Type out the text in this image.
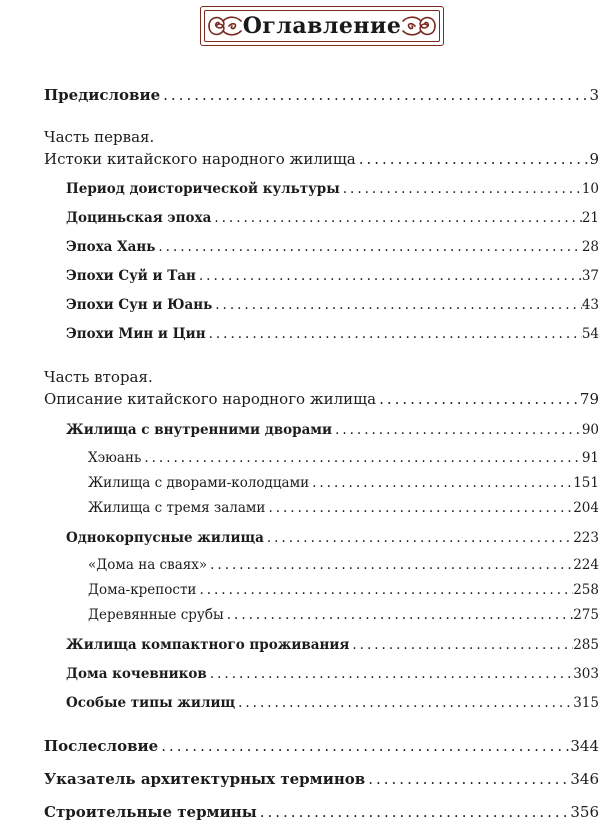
Оглавление
Предисловие .....	3
Часть первая.
Истоки китайского народного жилища .....	9
Период доисторической культуры .....	10
Доциньская эпоха .....	21
Эпоха Хань .....	28
Эпохи Суй и Тан .....	37
Эпохи Сун и Юань .....	43
Эпохи Мин и Цин .....	54
Часть вторая.
Описание китайского народного жилища .....	79
Жилища с внутренними дворами .....	90
Хэюань .....	91
Жилища с дворами-колодцами .....	151
Жилища с тремя залами .....	204
Однокорпусные жилища .....	223
«Дома на сваях» .....	224
Дома-крепости .....	258
Деревянные срубы .....	275
Жилища компактного проживания .....	285
Дома кочевников .....	303
Особые типы жилищ .....	315
Послесловие .....	344
Указатель архитектурных терминов .....	346
Строительные термины .....	356
